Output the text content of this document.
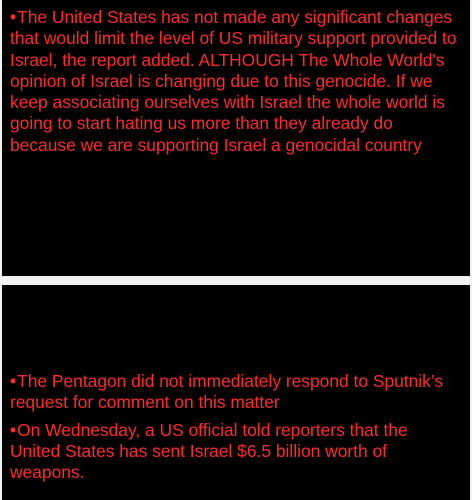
•The United States has not made any significant changes that would limit the level of US military support provided to Israel, the report added. ALTHOUGH The Whole World's opinion of Israel is changing due to this genocide. If we keep associating ourselves with Israel the whole world is going to start hating us more than they already do because we are supporting Israel a genocidal country

•The Pentagon did not immediately respond to Sputnik’s request for comment on this matter

•On Wednesday, a US official told reporters that the United States has sent Israel $6.5 billion worth of weapons.
